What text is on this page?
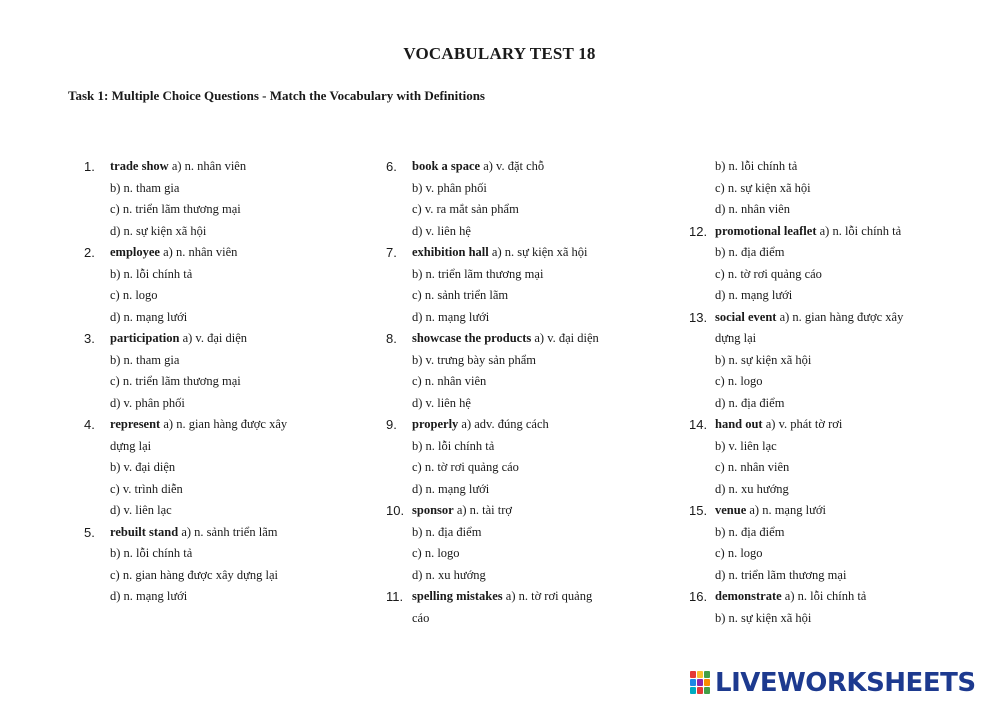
VOCABULARY TEST 18
Task 1: Multiple Choice Questions - Match the Vocabulary with Definitions
1.	trade show a) n. nhân viên
b) n. tham gia
c) n. triển lãm thương mại
d) n. sự kiện xã hội
2.	employee a) n. nhân viên
b) n. lỗi chính tả
c) n. logo
d) n. mạng lưới
3.	participation a) v. đại diện
b) n. tham gia
c) n. triển lãm thương mại
d) v. phân phối
4.	represent a) n. gian hàng được xây
dựng lại
b) v. đại diện
c) v. trình diễn
d) v. liên lạc
5.	rebuilt stand a) n. sảnh triển lãm
b) n. lỗi chính tả
c) n. gian hàng được xây dựng lại
d) n. mạng lưới
6.	book a space a) v. đặt chỗ
b) v. phân phối
c) v. ra mắt sản phẩm
d) v. liên hệ
7.	exhibition hall a) n. sự kiện xã hội
b) n. triển lãm thương mại
c) n. sảnh triển lãm
d) n. mạng lưới
8.	showcase the products a) v. đại diện
b) v. trưng bày sản phẩm
c) n. nhân viên
d) v. liên hệ
9.	properly a) adv. đúng cách
b) n. lỗi chính tả
c) n. tờ rơi quảng cáo
d) n. mạng lưới
10. sponsor a) n. tài trợ
b) n. địa điểm
c) n. logo
d) n. xu hướng
11. spelling mistakes a) n. tờ rơi quảng
cáo
b) n. lỗi chính tả
c) n. sự kiện xã hội
d) n. nhân viên
12. promotional leaflet a) n. lỗi chính tả
b) n. địa điểm
c) n. tờ rơi quảng cáo
d) n. mạng lưới
13. social event a) n. gian hàng được xây
dựng lại
b) n. sự kiện xã hội
c) n. logo
d) n. địa điểm
14. hand out a) v. phát tờ rơi
b) v. liên lạc
c) n. nhân viên
d) n. xu hướng
15. venue a) n. mạng lưới
b) n. địa điểm
c) n. logo
d) n. triển lãm thương mại
16. demonstrate a) n. lỗi chính tả
b) n. sự kiện xã hội
LIVEWORKSHEETS
